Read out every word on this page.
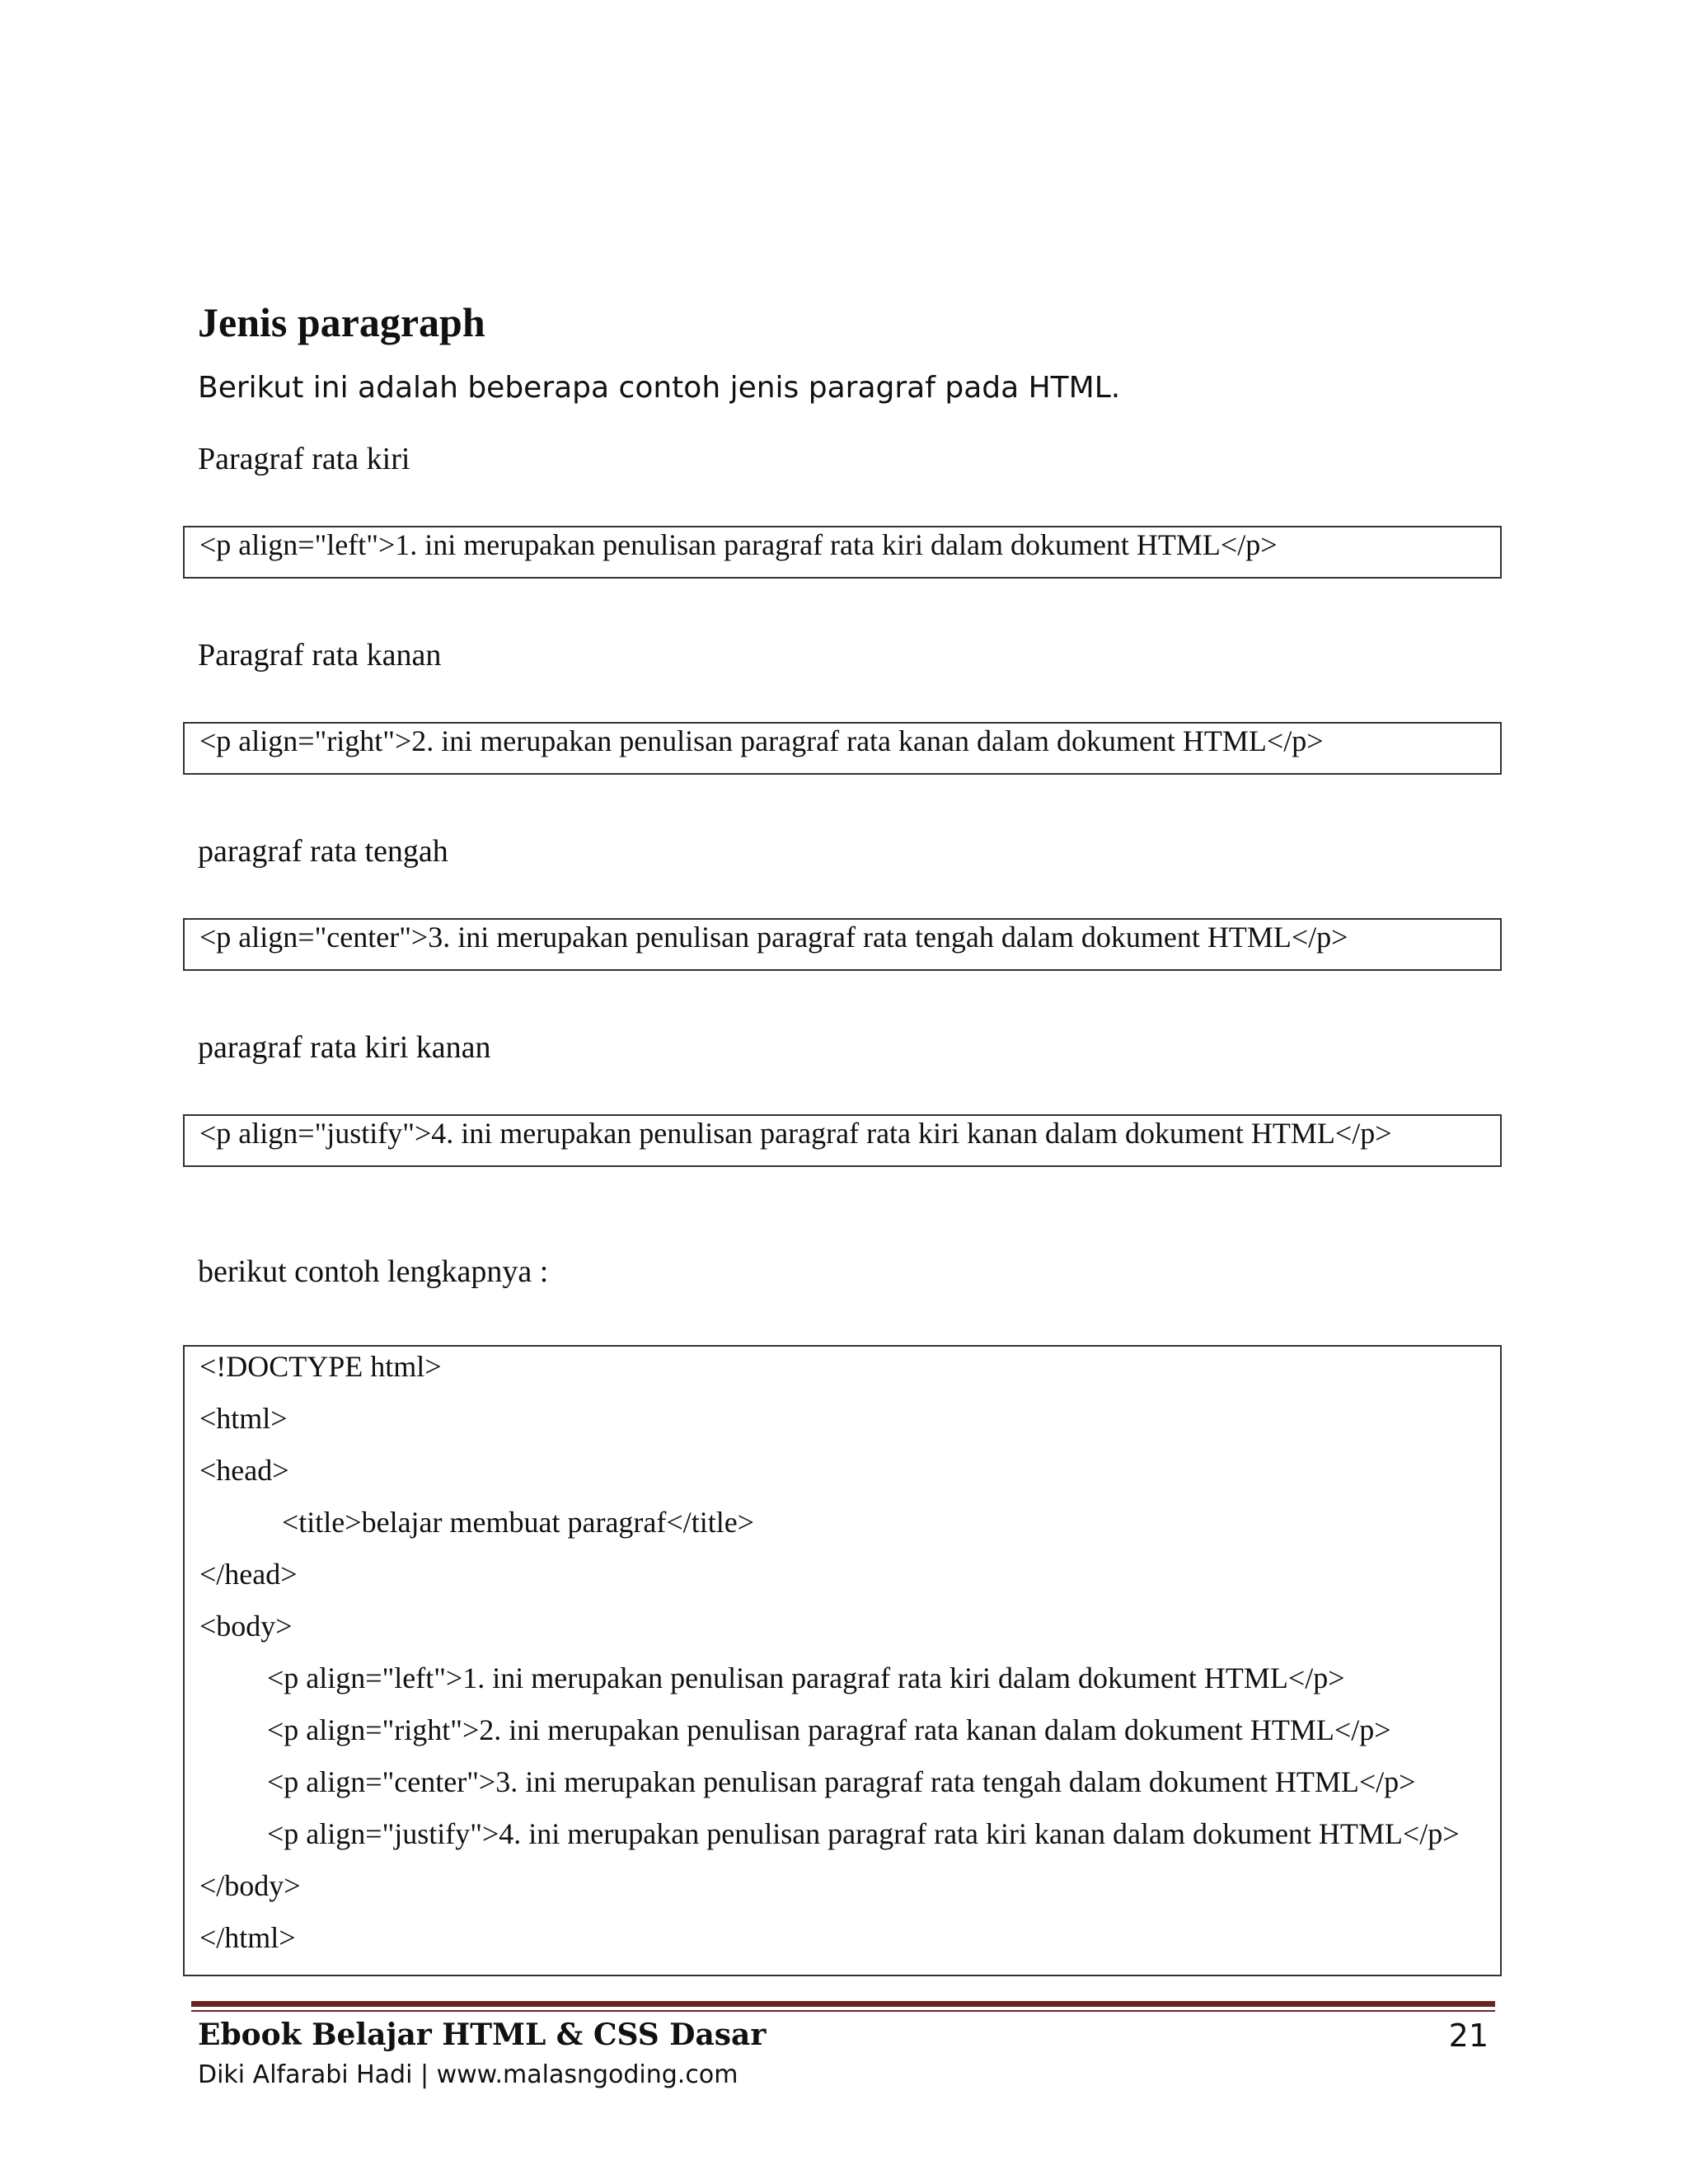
Jenis paragraph
Berikut ini adalah beberapa contoh jenis paragraf pada HTML.
Paragraf rata kiri
<p align="left">1. ini merupakan penulisan paragraf rata kiri dalam dokument HTML</p>
Paragraf rata kanan
<p align="right">2. ini merupakan penulisan paragraf rata kanan dalam dokument HTML</p>
paragraf rata tengah
<p align="center">3. ini merupakan penulisan paragraf rata tengah dalam dokument HTML</p>
paragraf rata kiri kanan
<p align="justify">4. ini merupakan penulisan paragraf rata kiri kanan dalam dokument HTML</p>
berikut contoh lengkapnya :
<!DOCTYPE html>
<html>
<head>
<title>belajar membuat paragraf</title>
</head>
<body>
<p align="left">1. ini merupakan penulisan paragraf rata kiri dalam dokument HTML</p>
<p align="right">2. ini merupakan penulisan paragraf rata kanan dalam dokument HTML</p>
<p align="center">3. ini merupakan penulisan paragraf rata tengah dalam dokument HTML</p>
<p align="justify">4. ini merupakan penulisan paragraf rata kiri kanan dalam dokument HTML</p>
</body>
</html>
Ebook Belajar HTML & CSS Dasar	21
Diki Alfarabi Hadi | www.malasngoding.com
